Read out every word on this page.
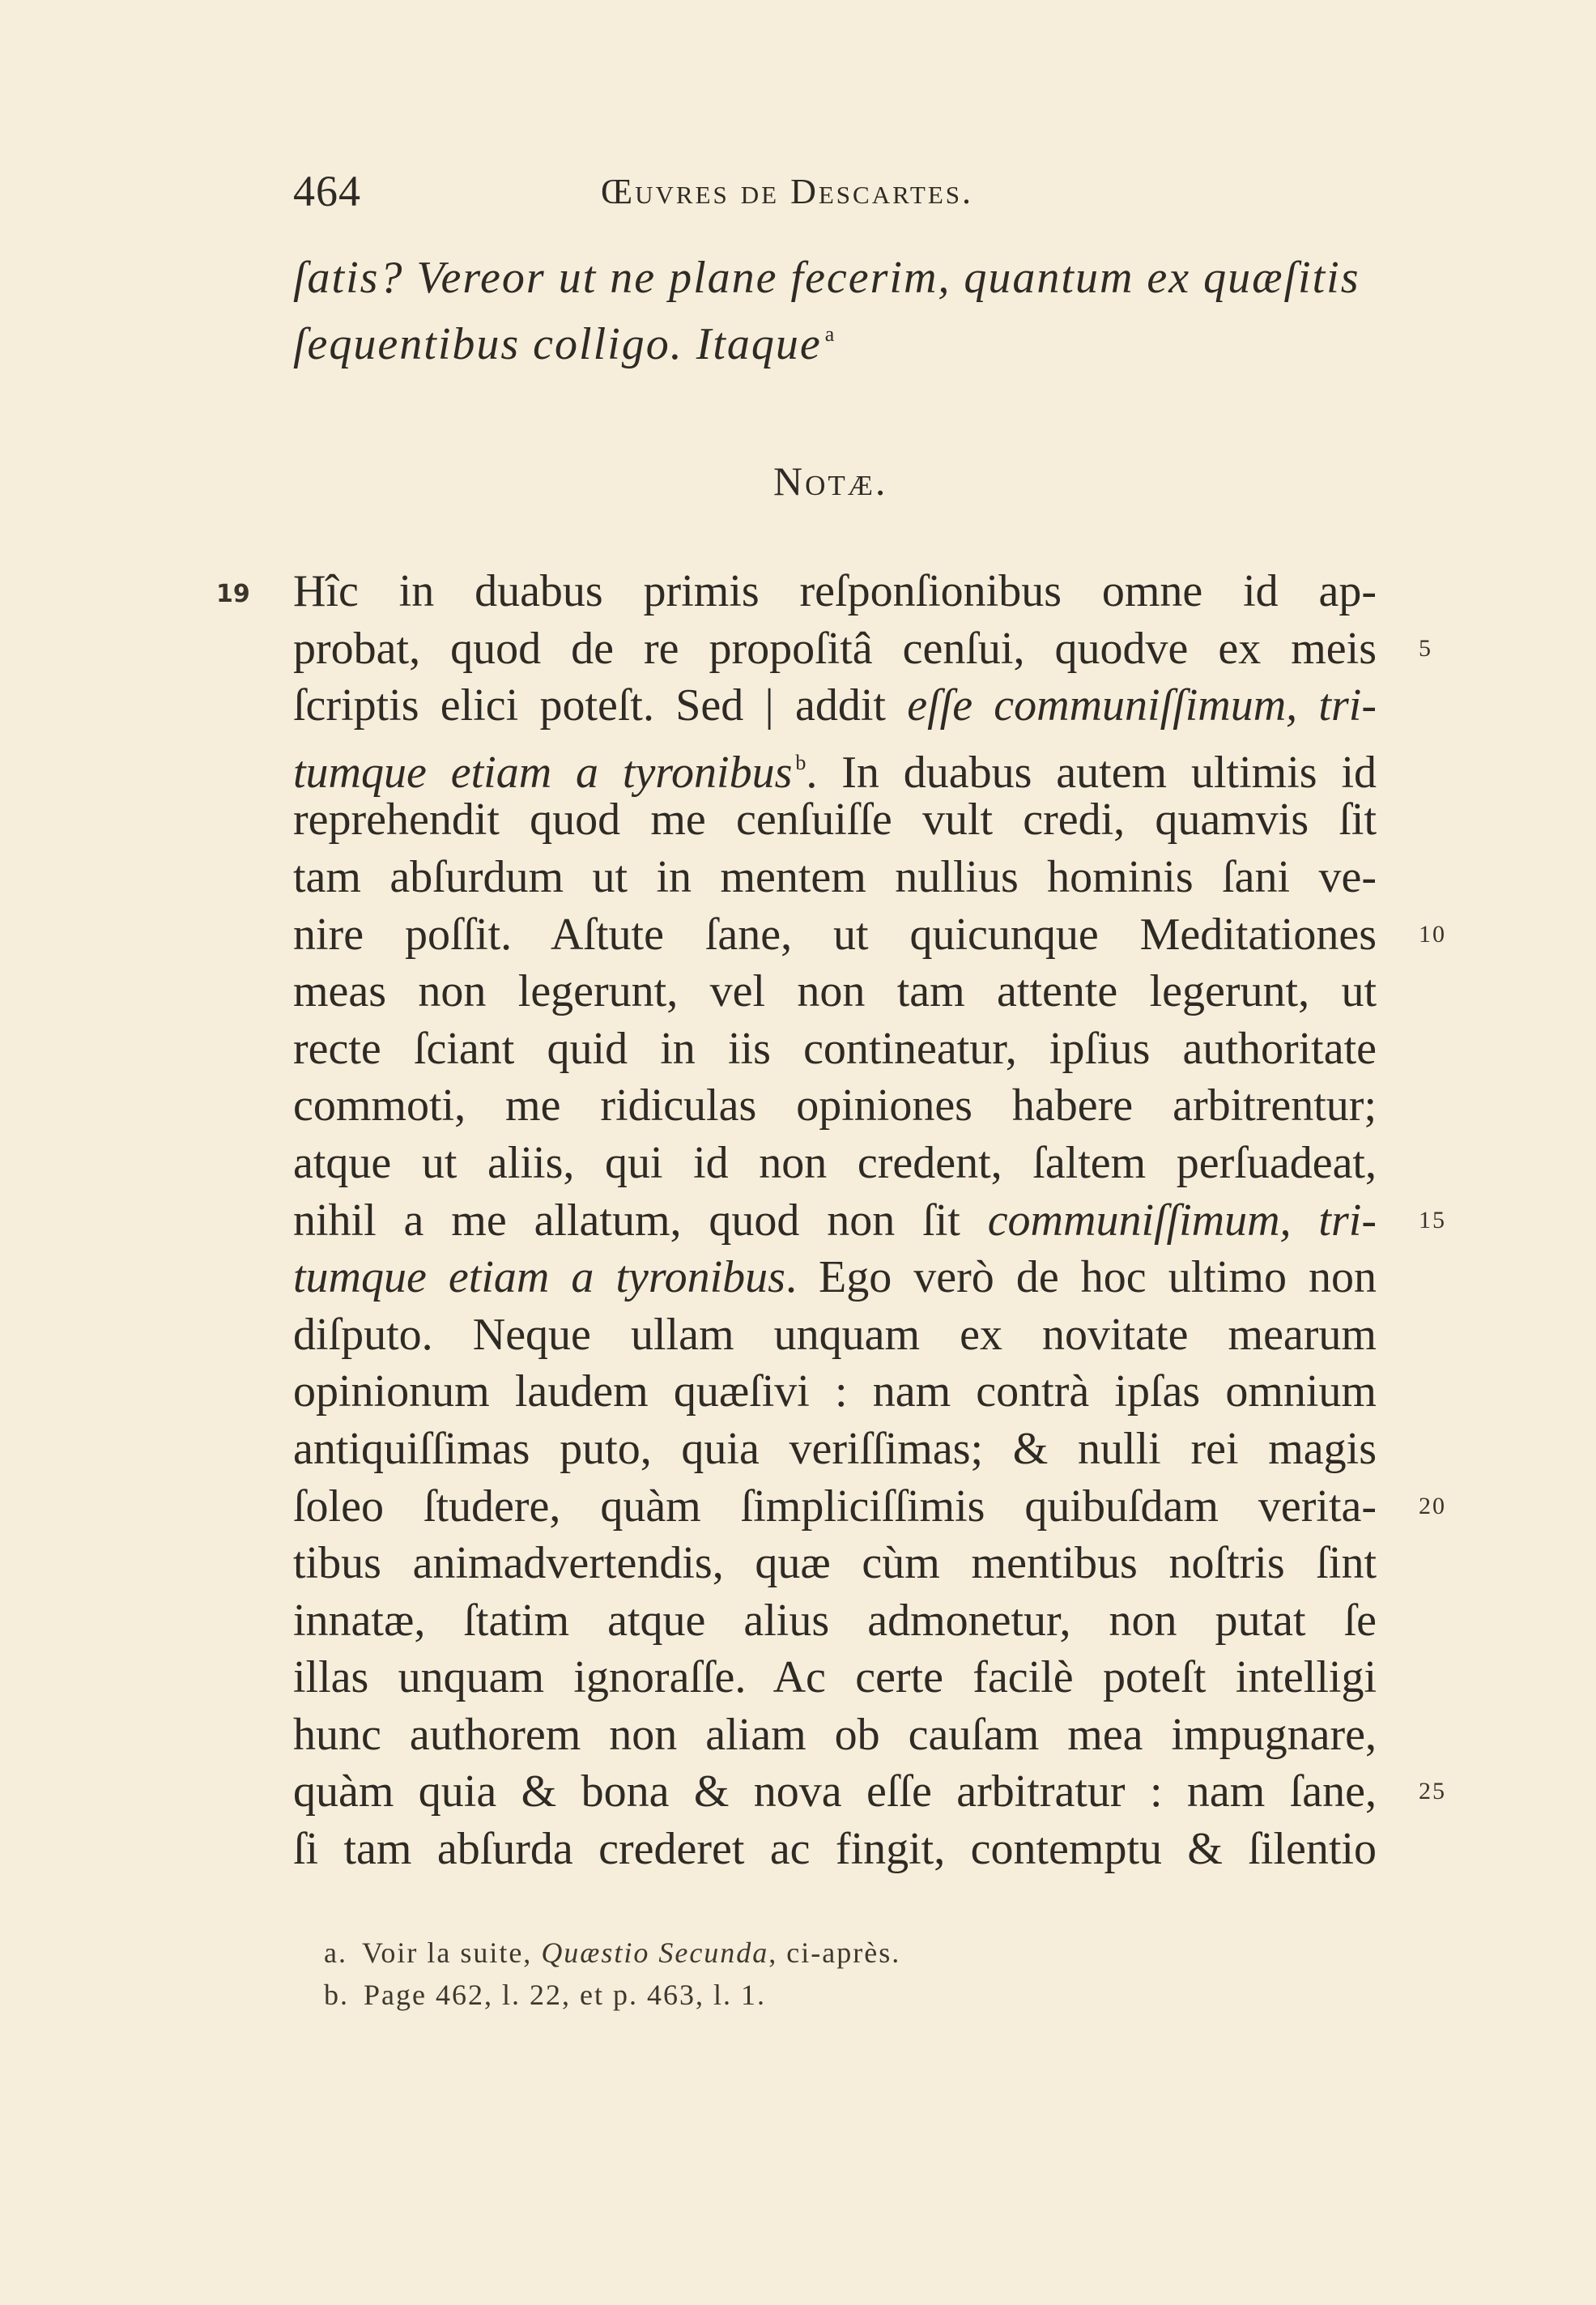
464	Œuvres de Descartes.
ſatis? Vereor ut ne plane fecerim, quantum ex quæſitis
ſequentibus colligo. Itaque $^a$
Notæ.
19 Hîc in duabus primis reſponſionibus omne id ap-
probat, quod de re propoſitâ cenſui, quodve ex meis 5
ſcriptis elici poteſt. Sed | addit eſſe communiſſimum, tri-
tumque etiam a tyronibus $^b$. In duabus autem ultimis id
reprehendit quod me cenſuiſſe vult credi, quamvis ſit
tam abſurdum ut in mentem nullius hominis ſani ve-
nire poſſit. Aſtute ſane, ut quicunque Meditationes 10
meas non legerunt, vel non tam attente legerunt, ut
recte ſciant quid in iis contineatur, ipſius authoritate
commoti, me ridiculas opiniones habere arbitrentur;
atque ut aliis, qui id non credent, ſaltem perſuadeat,
nihil a me allatum, quod non ſit communiſſimum, tri- 15
tumque etiam a tyronibus. Ego verò de hoc ultimo non
diſputo. Neque ullam unquam ex novitate mearum
opinionum laudem quæſivi : nam contrà ipſas omnium
antiquiſſimas puto, quia veriſſimas; & nulli rei magis
ſoleo ſtudere, quàm ſimpliciſſimis quibuſdam verita- 20
tibus animadvertendis, quæ cùm mentibus noſtris ſint
innatæ, ſtatim atque alius admonetur, non putat ſe
illas unquam ignoraſſe. Ac certe facilè poteſt intelligi
hunc authorem non aliam ob cauſam mea impugnare,
quàm quia & bona & nova eſſe arbitratur : nam ſane, 25
ſi tam abſurda crederet ac fingit, contemptu & ſilentio
a. Voir la suite, Quæstio Secunda, ci-après.
b. Page 462, l. 22, et p. 463, l. 1.
